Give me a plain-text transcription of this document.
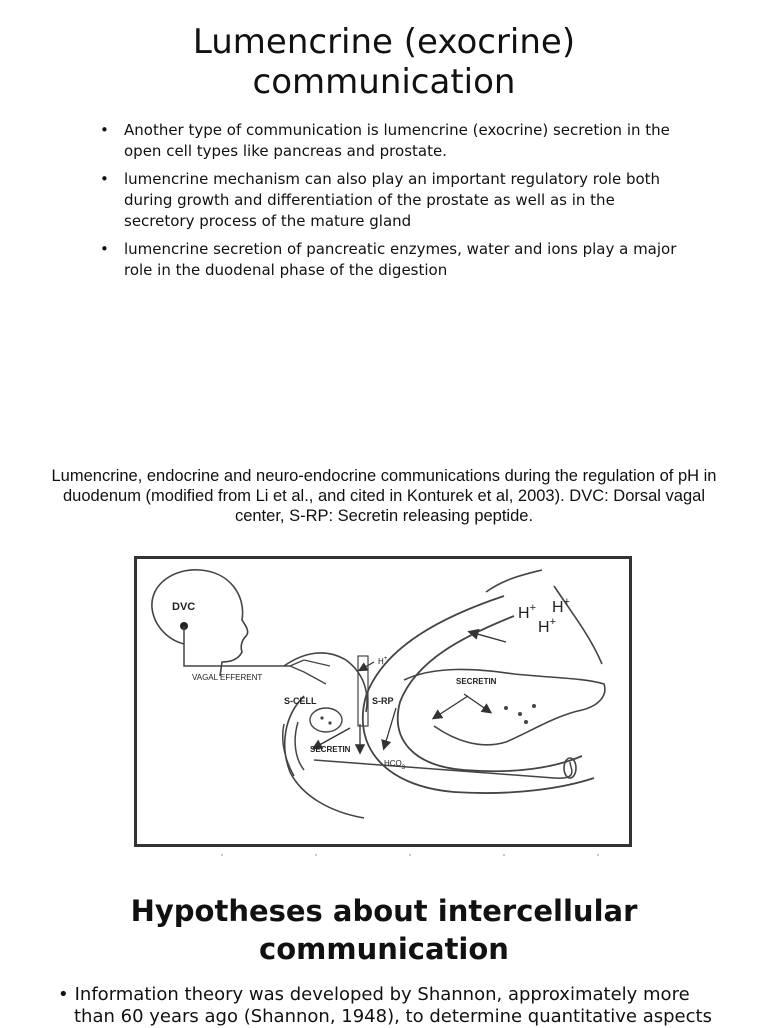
Lumencrine (exocrine)
communication
• Another type of communication is lumencrine (exocrine) secretion in the open cell types like pancreas and prostate.
• lumencrine mechanism can also play an important regulatory role both during growth and differentiation of the prostate as well as in the secretory process of the mature gland
• lumencrine secretion of pancreatic enzymes, water and ions play a major role in the duodenal phase of the digestion

Lumencrine, endocrine and neuro-endocrine communications during the regulation of pH in duodenum (modified from Li et al., and cited in Konturek et al, 2003). DVC: Dorsal vagal center, S-RP: Secretin releasing peptide.

DVC
VAGAL EFFERENT
S-CELL	S-RP
SECRETIN
SECRETIN
$HCO_3$
H+
H+ H+
H+
Hypotheses about intercellular
communication

• Information theory was developed by Shannon, approximately more
than 60 years ago (Shannon, 1948), to determine quantitative aspects
